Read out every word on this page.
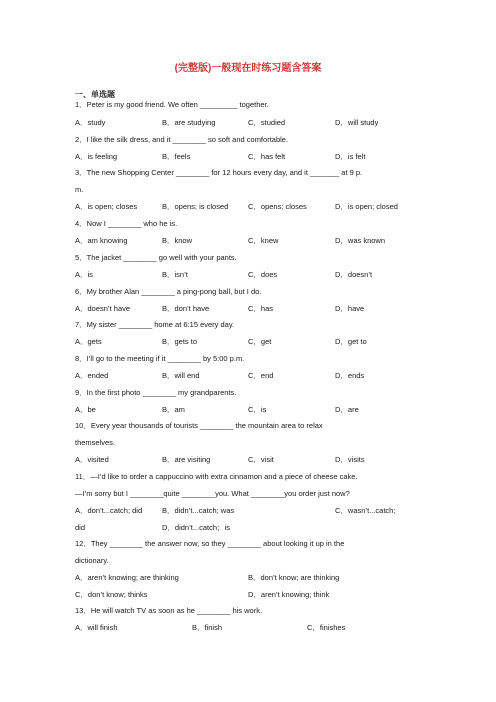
(完整版)一般现在时练习题含答案
一、单选题
1．Peter is my good friend. We often _________ together.
A．study	B．are studying	C．studied	D．will study
2．I like the silk dress, and it ________ so soft and comfortable.
A．is feeling	B．feels	C．has felt	D．is felt
3．The new Shopping Center ________ for 12 hours every day, and it _______ at 9 p.
m.
A．is open; closes	B．opens; is closed	C．opens; closes	D．is open; closed
4．Now I ________ who he is.
A．am knowing	B．know	C．knew	D．was known
5．The jacket ________ go well with your pants.
A．is	B．isn’t	C．does	D．doesn’t
6．My brother Alan ________ a ping-pong ball, but I do.
A．doesn’t have	B．don’t have	C．has	D．have
7．My sister ________ home at 6:15 every day.
A．gets	B．gets to	C．get	D．get to
8．I’ll go to the meeting if it ________ by 5:00 p.m.
A．ended	B．will end	C．end	D．ends
9．In the first photo ________ my grandparents.
A．be	B．am	C．is	D．are
10．Every year thousands of tourists ________ the mountain area to relax
themselves.
A．visited	B．are visiting	C．visit	D．visits
11．—I’d like to order a cappuccino with extra cinnamon and a piece of cheese cake.
—I’m sorry but I ________quite ________you. What ________you order just now?
A．don’t...catch; did	B．didn’t...catch; was	C．wasn’t...catch;
did	D．didn’t...catch；is
12．They ________ the answer now, so they ________ about looking it up in the
dictionary.
A．aren’t knowing; are thinking	B．don’t know; are thinking
C．don’t know; thinks	D．aren’t knowing; think
13．He will watch TV as soon as he ________ his work.
A．will finish	B．finish	C．finishes
